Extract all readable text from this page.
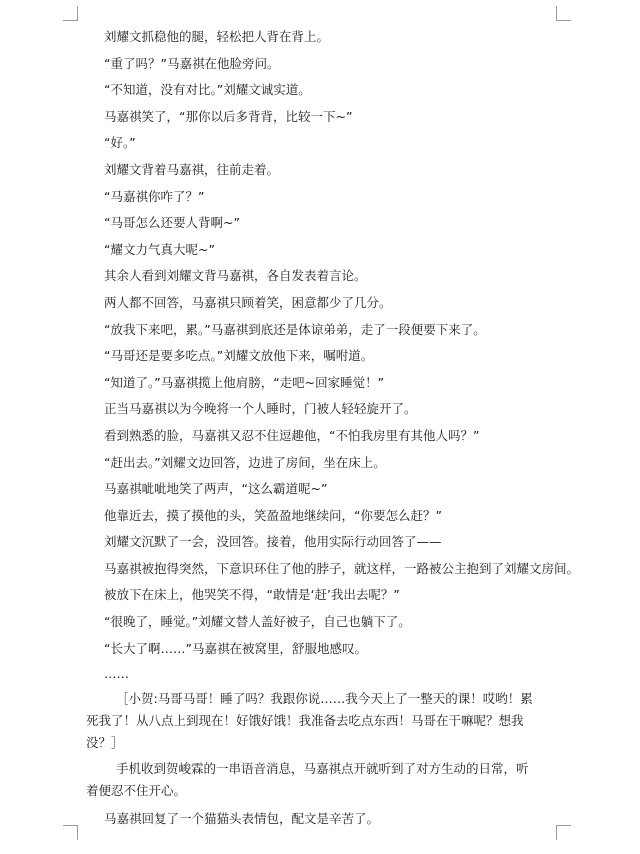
刘耀文抓稳他的腿，轻松把人背在背上。

“重了吗？”马嘉祺在他脸旁问。

“不知道，没有对比。”刘耀文诚实道。

马嘉祺笑了，“那你以后多背背，比较一下~”

“好。”

刘耀文背着马嘉祺，往前走着。

“马嘉祺你咋了？”

“马哥怎么还要人背啊~”

“耀文力气真大呢~”

其余人看到刘耀文背马嘉祺，各自发表着言论。

两人都不回答，马嘉祺只顾着笑，困意都少了几分。

“放我下来吧，累。”马嘉祺到底还是体谅弟弟，走了一段便要下来了。

“马哥还是要多吃点。”刘耀文放他下来，嘱咐道。

“知道了。”马嘉祺揽上他肩膀，“走吧~回家睡觉！”

正当马嘉祺以为今晚将一个人睡时，门被人轻轻旋开了。

看到熟悉的脸，马嘉祺又忍不住逗趣他，“不怕我房里有其他人吗？”

“赶出去。”刘耀文边回答，边进了房间，坐在床上。

马嘉祺呲呲地笑了两声，“这么霸道呢~”

他靠近去，摸了摸他的头，笑盈盈地继续问，“你要怎么赶？”

刘耀文沉默了一会，没回答。接着，他用实际行动回答了——

马嘉祺被抱得突然，下意识环住了他的脖子，就这样，一路被公主抱到了刘耀文房间。

被放下在床上，他哭笑不得，“敢情是‘赶’我出去呢？”

“很晚了，睡觉。”刘耀文替人盖好被子，自己也躺下了。

“长大了啊……”马嘉祺在被窝里，舒服地感叹。

……

［小贺:马哥马哥！睡了吗？我跟你说……我今天上了一整天的课！哎哟！累死我了！从八点上到现在！好饿好饿！我准备去吃点东西！马哥在干嘛呢？想我没？］

手机收到贺峻霖的一串语音消息，马嘉祺点开就听到了对方生动的日常，听着便忍不住开心。

马嘉祺回复了一个猫猫头表情包，配文是辛苦了。
